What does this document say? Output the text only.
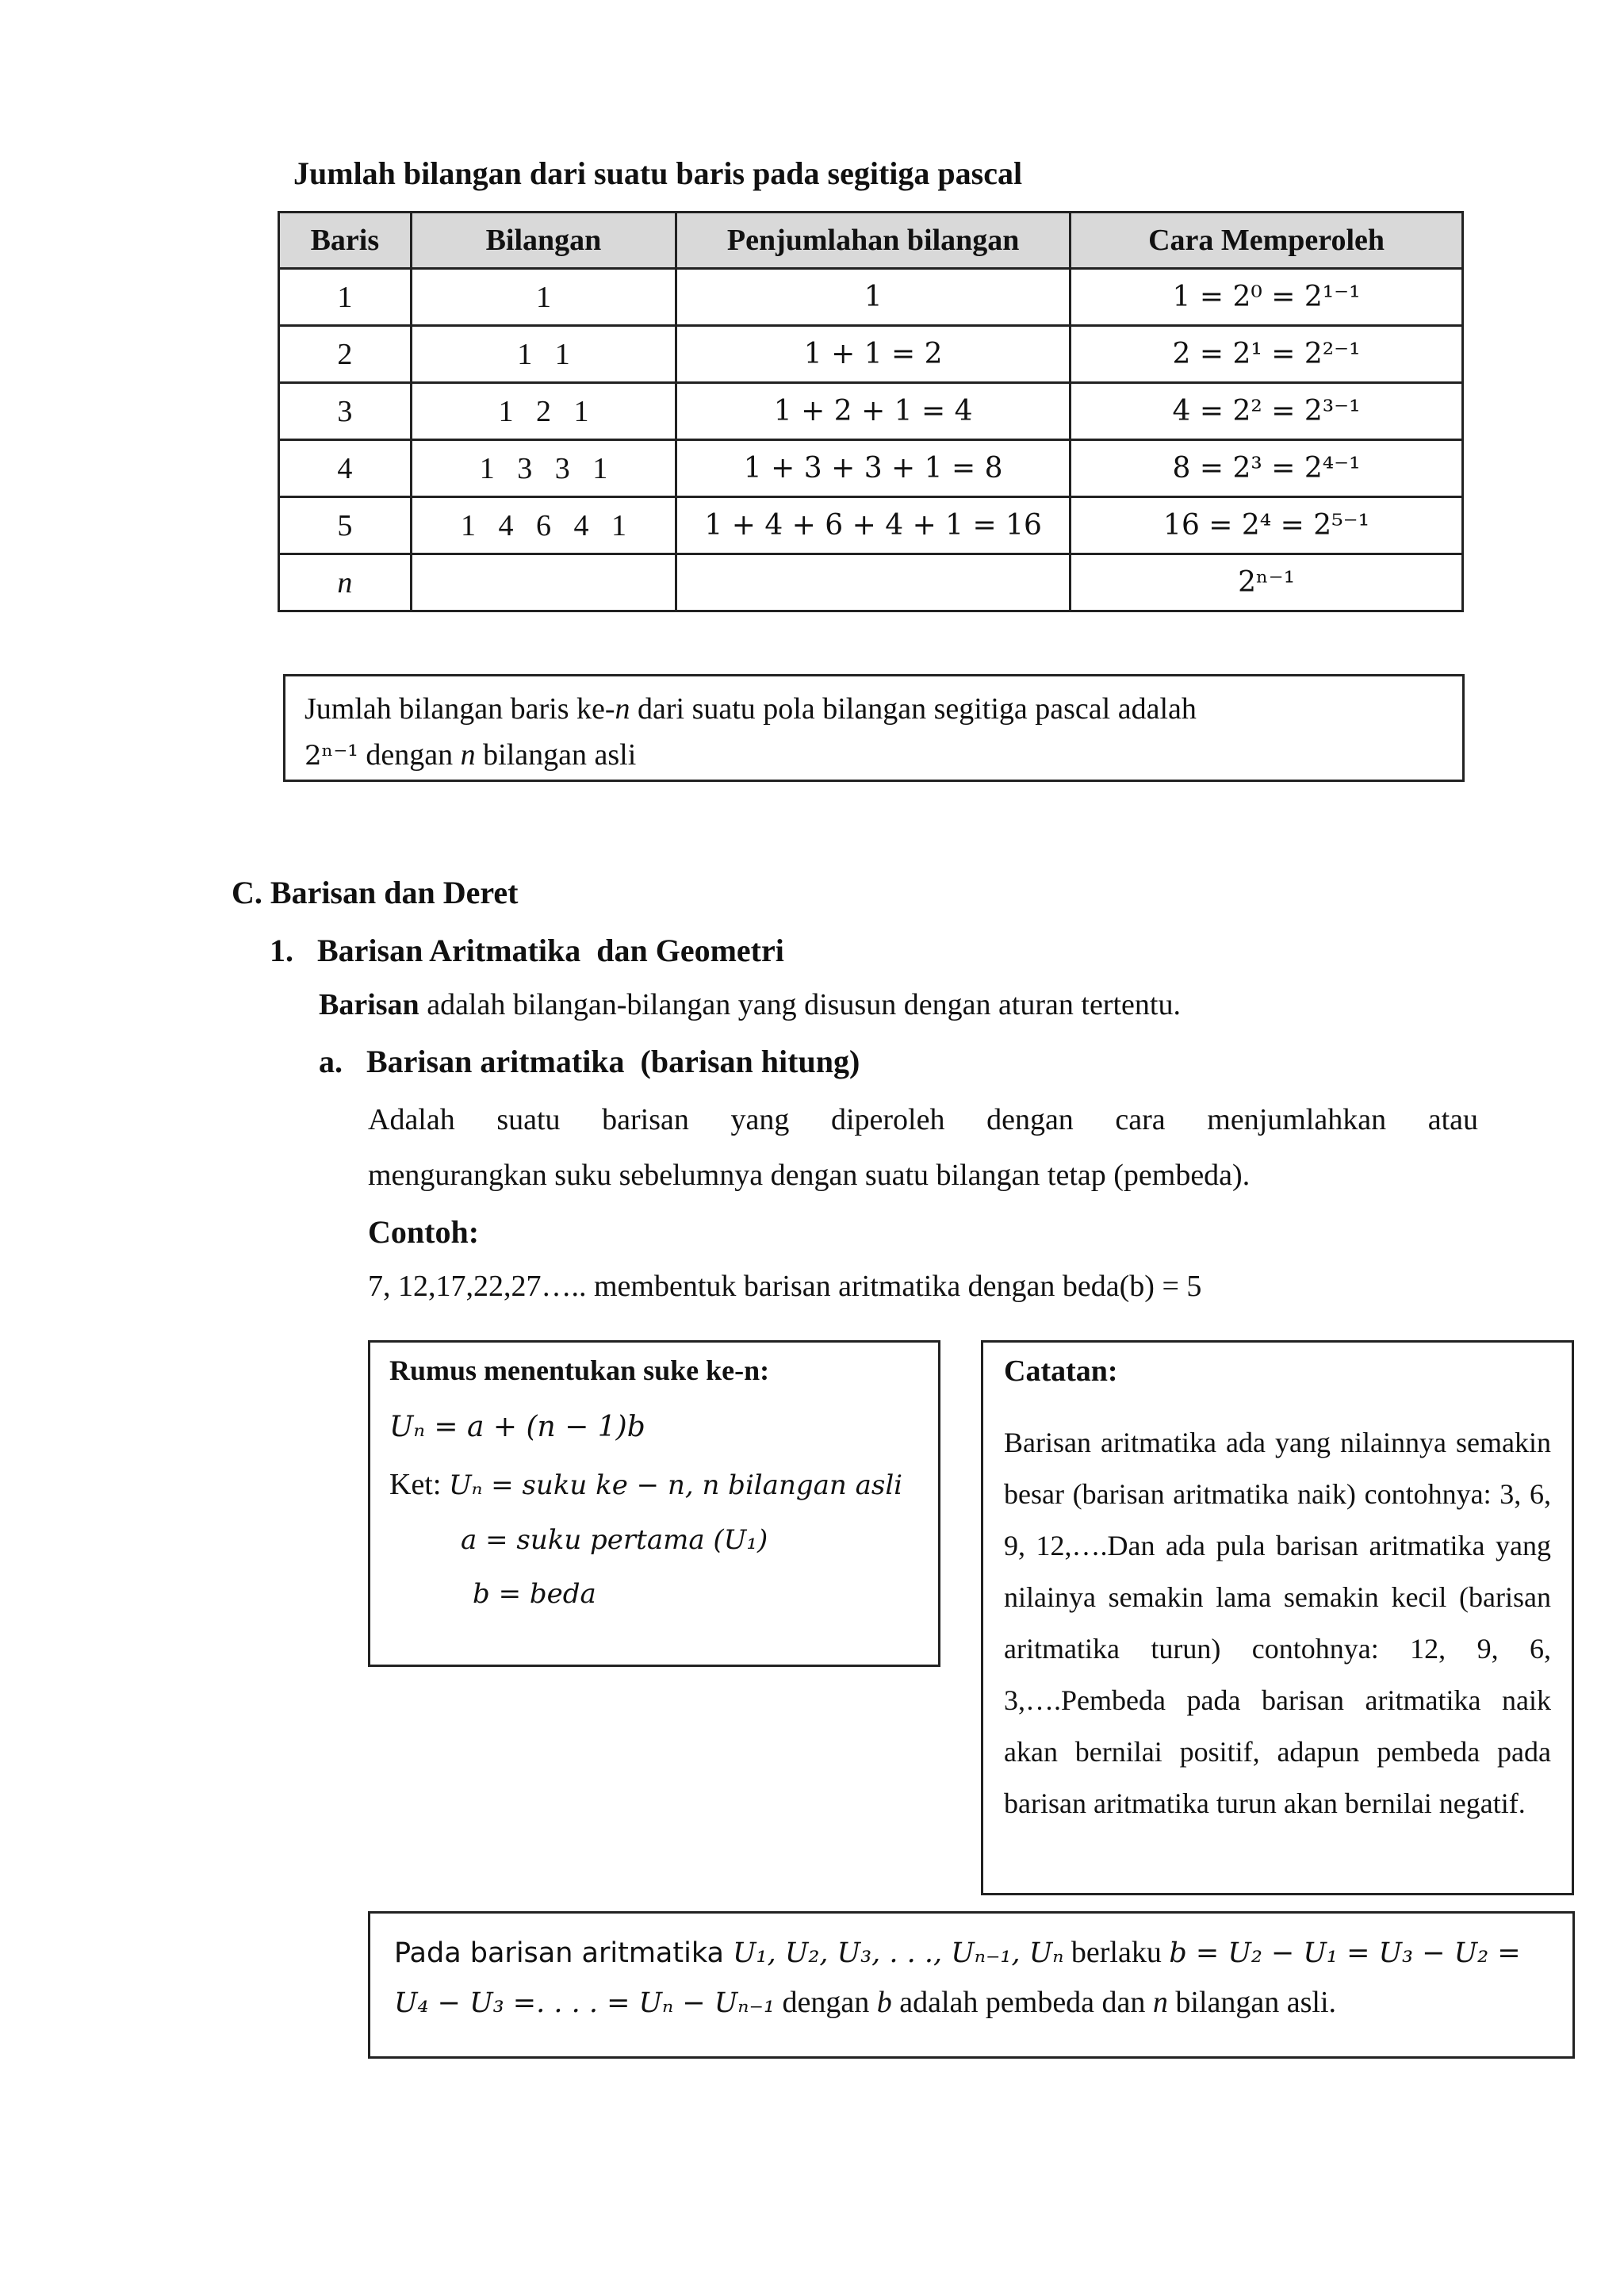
Jumlah bilangan dari suatu baris pada segitiga pascal
Baris	Bilangan	Penjumlahan bilangan	Cara Memperoleh
1	1	1	1 = 2⁰ = 2¹⁻¹
2	1   1	1 + 1 = 2	2 = 2¹ = 2²⁻¹
3	1   2   1	1 + 2 + 1 = 4	4 = 2² = 2³⁻¹
4	1   3   3   1	1 + 3 + 3 + 1 = 8	8 = 2³ = 2⁴⁻¹
5	1   4   6   4   1	1 + 4 + 6 + 4 + 1 = 16	16 = 2⁴ = 2⁵⁻¹
n			2ⁿ⁻¹
Jumlah bilangan baris ke-n dari suatu pola bilangan segitiga pascal adalah
2ⁿ⁻¹ dengan n bilangan asli
C. Barisan dan Deret
1.   Barisan Aritmatika  dan Geometri
Barisan adalah bilangan-bilangan yang disusun dengan aturan tertentu.
a.   Barisan aritmatika  (barisan hitung)
Adalah   suatu   barisan   yang   diperoleh   dengan   cara   menjumlahkan   atau
mengurangkan suku sebelumnya dengan suatu bilangan tetap (pembeda).
Contoh:
7, 12,17,22,27….. membentuk barisan aritmatika dengan beda(b) = 5
Rumus menentukan suke ke-n:
Uₙ = a + (n − 1)b
Ket: Uₙ = suku ke − n, n bilangan asli
a = suku pertama (U₁)
b = beda
Catatan:
Barisan aritmatika ada yang nilainnya semakin besar (barisan aritmatika naik) contohnya: 3, 6, 9, 12,….Dan ada pula barisan aritmatika yang nilainya semakin lama semakin kecil (barisan aritmatika turun) contohnya: 12, 9, 6, 3,….Pembeda pada barisan aritmatika naik akan bernilai positif, adapun pembeda pada barisan aritmatika turun akan bernilai negatif.
Pada barisan aritmatika U₁, U₂, U₃, . . ., Uₙ₋₁, Uₙ berlaku b = U₂ − U₁ = U₃ − U₂ =
U₄ − U₃ =. . . . = Uₙ − Uₙ₋₁ dengan b adalah pembeda dan n bilangan asli.
